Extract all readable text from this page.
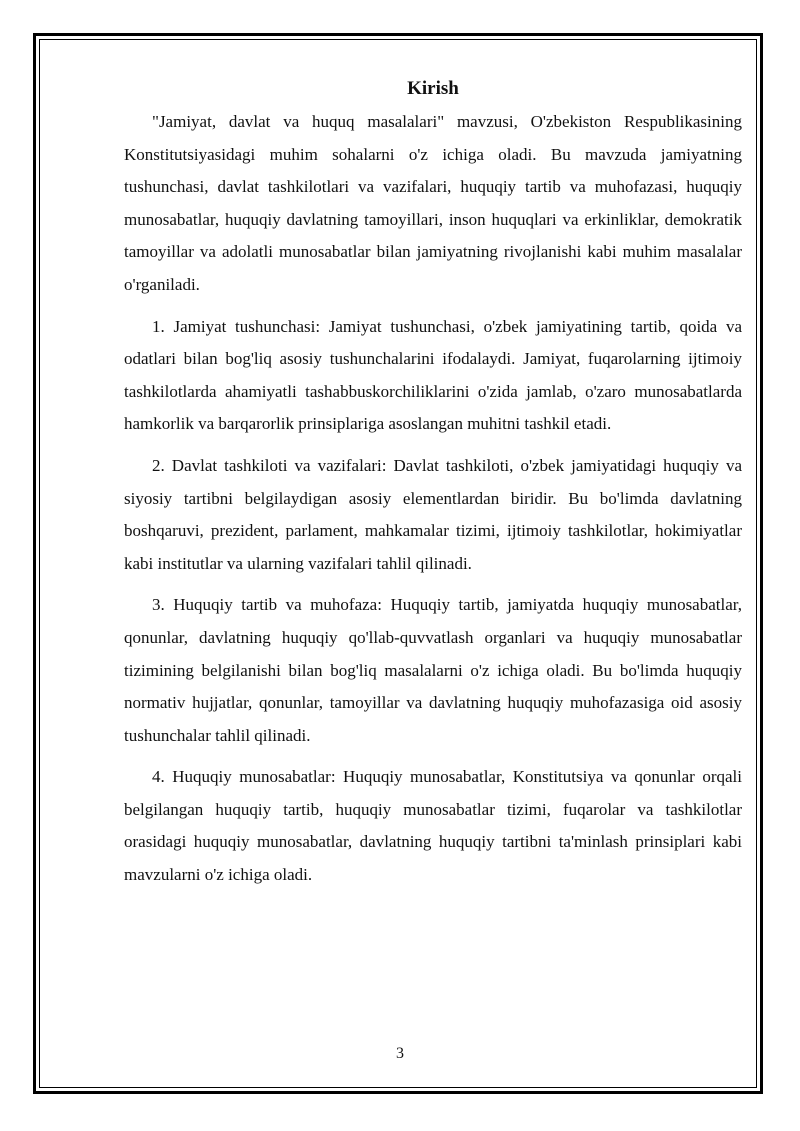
Kirish

"Jamiyat, davlat va huquq masalalari" mavzusi, O'zbekiston Respublikasining Konstitutsiyasidagi muhim sohalarni o'z ichiga oladi. Bu mavzuda jamiyatning tushunchasi, davlat tashkilotlari va vazifalari, huquqiy tartib va muhofazasi, huquqiy munosabatlar, huquqiy davlatning tamoyillari, inson huquqlari va erkinliklar, demokratik tamoyillar va adolatli munosabatlar bilan jamiyatning rivojlanishi kabi muhim masalalar o'rganiladi.

1. Jamiyat tushunchasi: Jamiyat tushunchasi, o'zbek jamiyatining tartib, qoida va odatlari bilan bog'liq asosiy tushunchalarini ifodalaydi. Jamiyat, fuqarolarning ijtimoiy tashkilotlarda ahamiyatli tashabbuskorchiliklarini o'zida jamlab, o'zaro munosabatlarda hamkorlik va barqarorlik prinsiplariga asoslangan muhitni tashkil etadi.

2. Davlat tashkiloti va vazifalari: Davlat tashkiloti, o'zbek jamiyatidagi huquqiy va siyosiy tartibni belgilaydigan asosiy elementlardan biridir. Bu bo'limda davlatning boshqaruvi, prezident, parlament, mahkamalar tizimi, ijtimoiy tashkilotlar, hokimiyatlar kabi institutlar va ularning vazifalari tahlil qilinadi.

3. Huquqiy tartib va muhofaza: Huquqiy tartib, jamiyatda huquqiy munosabatlar, qonunlar, davlatning huquqiy qo'llab-quvvatlash organlari va huquqiy munosabatlar tizimining belgilanishi bilan bog'liq masalalarni o'z ichiga oladi. Bu bo'limda huquqiy normativ hujjatlar, qonunlar, tamoyillar va davlatning huquqiy muhofazasiga oid asosiy tushunchalar tahlil qilinadi.

4. Huquqiy munosabatlar: Huquqiy munosabatlar, Konstitutsiya va qonunlar orqali belgilangan huquqiy tartib, huquqiy munosabatlar tizimi, fuqarolar va tashkilotlar orasidagi huquqiy munosabatlar, davlatning huquqiy tartibni ta'minlash prinsiplari kabi mavzularni o'z ichiga oladi.

3
